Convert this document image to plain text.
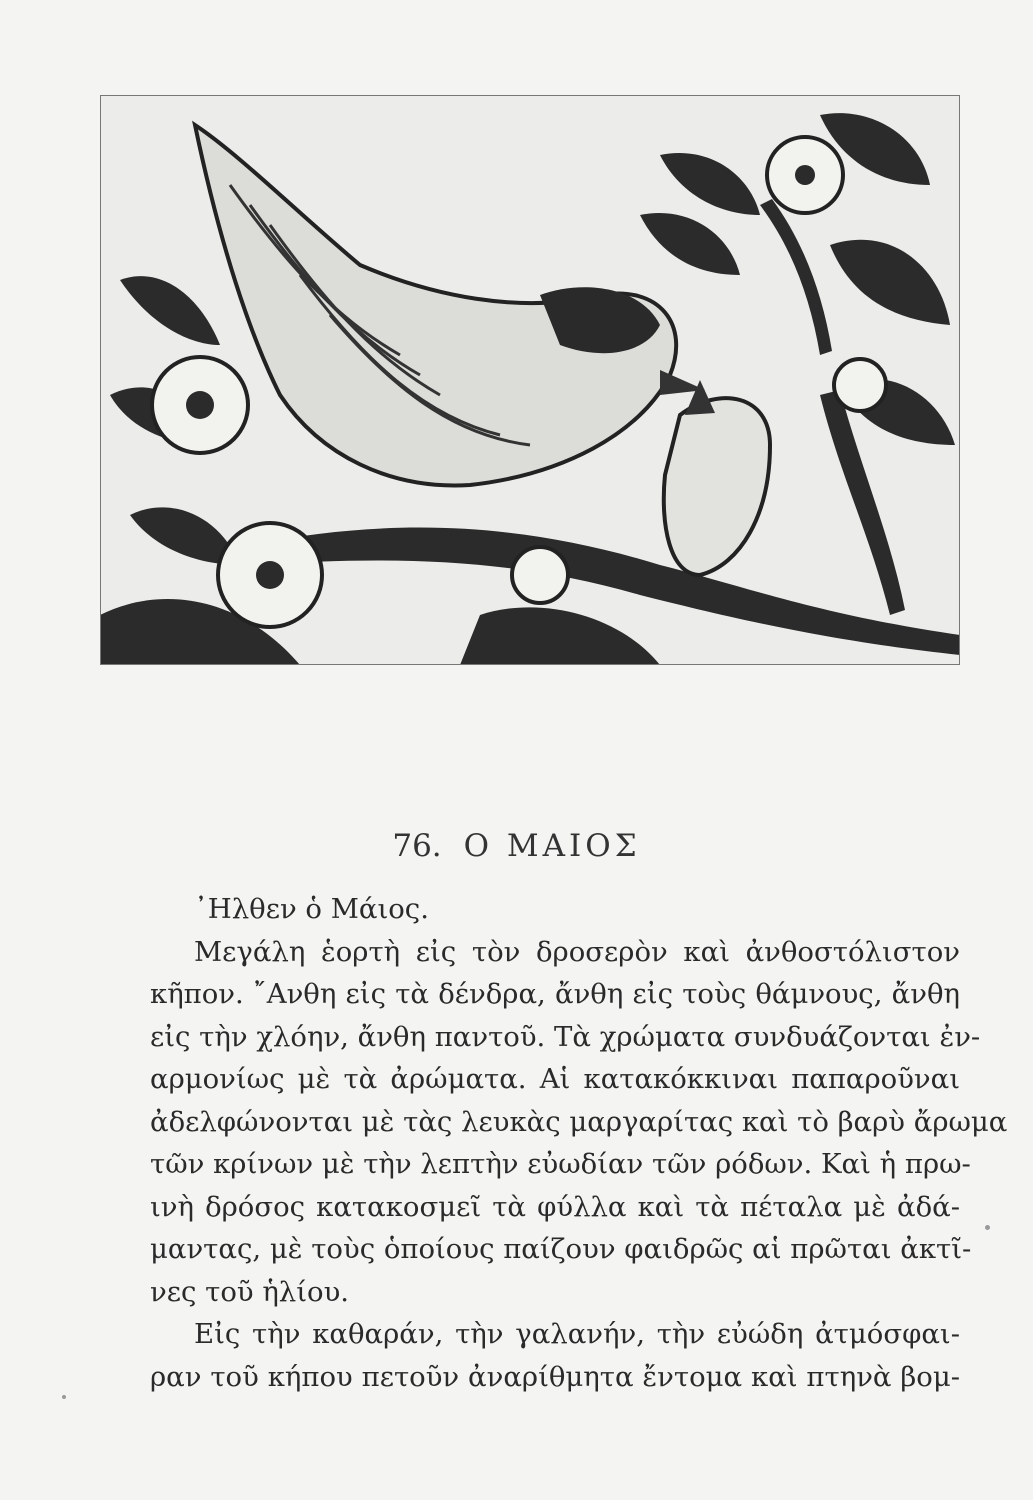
76. Ο ΜΑΙΟΣ
᾿Ηλθεν ὁ Μάιος.
Μεγάλη ἑορτὴ εἰς τὸν δροσερὸν καὶ ἀνθοστόλιστον
κῆπον. ῎Ανθη εἰς τὰ δένδρα, ἄνθη εἰς τοὺς θάμνους, ἄνθη
εἰς τὴν χλόην, ἄνθη παντοῦ. Τὰ χρώματα συνδυάζονται ἐν-
αρμονίως μὲ τὰ ἀρώματα. Αἱ κατακόκκιναι παπαροῦναι
ἀδελφώνονται μὲ τὰς λευκὰς μαργαρίτας καὶ τὸ βαρὺ ἄρωμα
τῶν κρίνων μὲ τὴν λεπτὴν εὐωδίαν τῶν ρόδων. Καὶ ἡ πρω-
ινὴ δρόσος κατακοσμεῖ τὰ φύλλα καὶ τὰ πέταλα μὲ ἀδά-
μαντας, μὲ τοὺς ὁποίους παίζουν φαιδρῶς αἱ πρῶται ἀκτῖ-
νες τοῦ ἡλίου.
Εἰς τὴν καθαράν, τὴν γαλανήν, τὴν εὐώδη ἀτμόσφαι-
ραν τοῦ κήπου πετοῦν ἀναρίθμητα ἔντομα καὶ πτηνὰ βομ-
